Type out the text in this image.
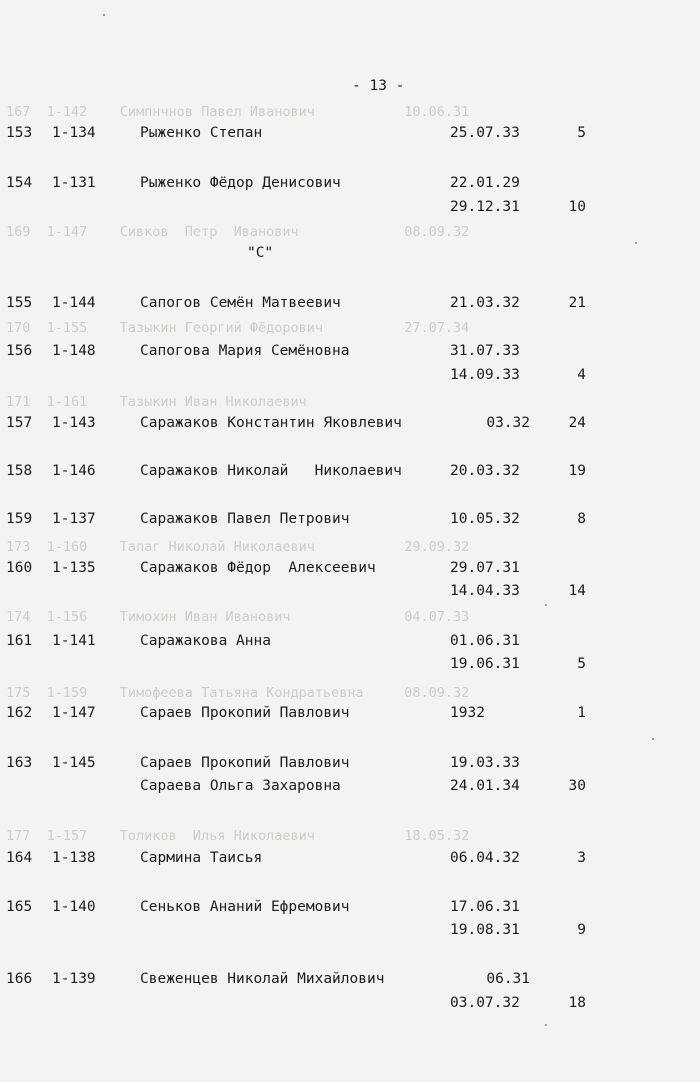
167  1-142    Симпнчнов Павел Иванович           10.06.31
169  1-147    Сивков  Петр  Иванович             08.09.32
170  1-155    Тазыкин Георгий Фёдорович          27.07.34
171  1-161    Тазыкин Иван Николаевич
173  1-160    Тапаг Николай Николаевич           29.09.32
174  1-156    Тимохин Иван Иванович              04.07.33
175  1-159    Тимофеева Татьяна Кондратьевна     08.09.32
177  1-157    Толиков  Илья Николаевич           18.05.32
- 13 -
"С"
153	1-134	Рыженко Степан	25.07.33	5
154	1-131	Рыженко Фёдор Денисович	22.01.29
29.12.31	10
155	1-144	Сапогов Семён Матвеевич	21.03.32	21
156	1-148	Сапогова Мария Семёновна	31.07.33
14.09.33	4
157	1-143	Саражаков Константин Яковлевич	03.32	24
158	1-146	Саражаков Николай   Николаевич	20.03.32	19
159	1-137	Саражаков Павел Петрович	10.05.32	8
160	1-135	Саражаков Фёдор  Алексеевич	29.07.31
14.04.33	14
161	1-141	Саражакова Анна	01.06.31
19.06.31	5
162	1-147	Сараев Прокопий Павлович	1932	1
163	1-145	Сараев Прокопий Павлович	19.03.33
Сараева Ольга Захаровна	24.01.34	30
164	1-138	Сармина Таисья	06.04.32	3
165	1-140	Сеньков Ананий Ефремович	17.06.31
19.08.31	9
166	1-139	Свеженцев Николай Михайлович	06.31
03.07.32	18
